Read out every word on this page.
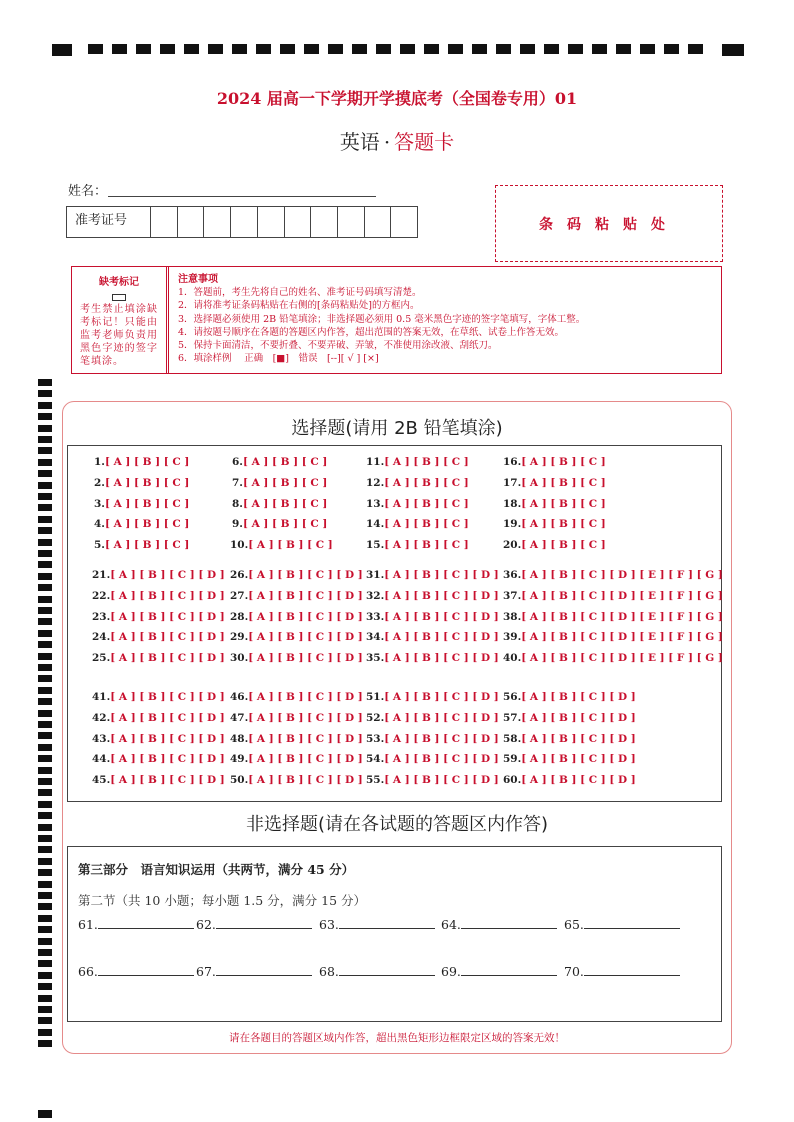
2024 届高一下学期开学摸底考（全国卷专用）01
英语 · 答题卡
姓名：
准考证号	条码粘贴处
缺考标记
考生禁止填涂缺考标记！只能由监考老师负责用黑色字迹的签字笔填涂。
注意事项
1．答题前，考生先将自己的姓名、准考证号码填写清楚。
2．请将准考证条码粘贴在右侧的[条码粘贴处]的方框内。
3．选择题必须使用 2B 铅笔填涂；非选择题必须用 0.5 毫米黑色字迹的签字笔填写，字体工整。
4．请按题号顺序在各题的答题区内作答，超出范围的答案无效，在草纸、试卷上作答无效。
5．保持卡面清洁，不要折叠、不要弄破、弄皱，不准使用涂改液、刮纸刀。
6．填涂样例　 正确　[■]　错误　[--][ √ ] [×]
选择题(请用 2B 铅笔填涂)
非选择题(请在各试题的答题区内作答)
第三部分　语言知识运用（共两节，满分 45 分）
第二节（共 10 小题；每小题 1.5 分，满分 15 分）
61.	62.	63.	64.	65.
66.	67.	68.	69.	70.
请在各题目的答题区域内作答，超出黑色矩形边框限定区域的答案无效！
1.[ A ] [ B ] [ C ]
2.[ A ] [ B ] [ C ]
3.[ A ] [ B ] [ C ]
4.[ A ] [ B ] [ C ]
5.[ A ] [ B ] [ C ]
6.[ A ] [ B ] [ C ]
7.[ A ] [ B ] [ C ]
8.[ A ] [ B ] [ C ]
9.[ A ] [ B ] [ C ]
10.[ A ] [ B ] [ C ]
11.[ A ] [ B ] [ C ]
12.[ A ] [ B ] [ C ]
13.[ A ] [ B ] [ C ]
14.[ A ] [ B ] [ C ]
15.[ A ] [ B ] [ C ]
16.[ A ] [ B ] [ C ]
17.[ A ] [ B ] [ C ]
18.[ A ] [ B ] [ C ]
19.[ A ] [ B ] [ C ]
20.[ A ] [ B ] [ C ]
21.[ A ] [ B ] [ C ] [ D ]
22.[ A ] [ B ] [ C ] [ D ]
23.[ A ] [ B ] [ C ] [ D ]
24.[ A ] [ B ] [ C ] [ D ]
25.[ A ] [ B ] [ C ] [ D ]
26.[ A ] [ B ] [ C ] [ D ]
27.[ A ] [ B ] [ C ] [ D ]
28.[ A ] [ B ] [ C ] [ D ]
29.[ A ] [ B ] [ C ] [ D ]
30.[ A ] [ B ] [ C ] [ D ]
31.[ A ] [ B ] [ C ] [ D ]
32.[ A ] [ B ] [ C ] [ D ]
33.[ A ] [ B ] [ C ] [ D ]
34.[ A ] [ B ] [ C ] [ D ]
35.[ A ] [ B ] [ C ] [ D ]
36.[ A ] [ B ] [ C ] [ D ] [ E ] [ F ] [ G ]
37.[ A ] [ B ] [ C ] [ D ] [ E ] [ F ] [ G ]
38.[ A ] [ B ] [ C ] [ D ] [ E ] [ F ] [ G ]
39.[ A ] [ B ] [ C ] [ D ] [ E ] [ F ] [ G ]
40.[ A ] [ B ] [ C ] [ D ] [ E ] [ F ] [ G ]
41.[ A ] [ B ] [ C ] [ D ]
42.[ A ] [ B ] [ C ] [ D ]
43.[ A ] [ B ] [ C ] [ D ]
44.[ A ] [ B ] [ C ] [ D ]
45.[ A ] [ B ] [ C ] [ D ]
46.[ A ] [ B ] [ C ] [ D ]
47.[ A ] [ B ] [ C ] [ D ]
48.[ A ] [ B ] [ C ] [ D ]
49.[ A ] [ B ] [ C ] [ D ]
50.[ A ] [ B ] [ C ] [ D ]
51.[ A ] [ B ] [ C ] [ D ]
52.[ A ] [ B ] [ C ] [ D ]
53.[ A ] [ B ] [ C ] [ D ]
54.[ A ] [ B ] [ C ] [ D ]
55.[ A ] [ B ] [ C ] [ D ]
56.[ A ] [ B ] [ C ] [ D ]
57.[ A ] [ B ] [ C ] [ D ]
58.[ A ] [ B ] [ C ] [ D ]
59.[ A ] [ B ] [ C ] [ D ]
60.[ A ] [ B ] [ C ] [ D ]
